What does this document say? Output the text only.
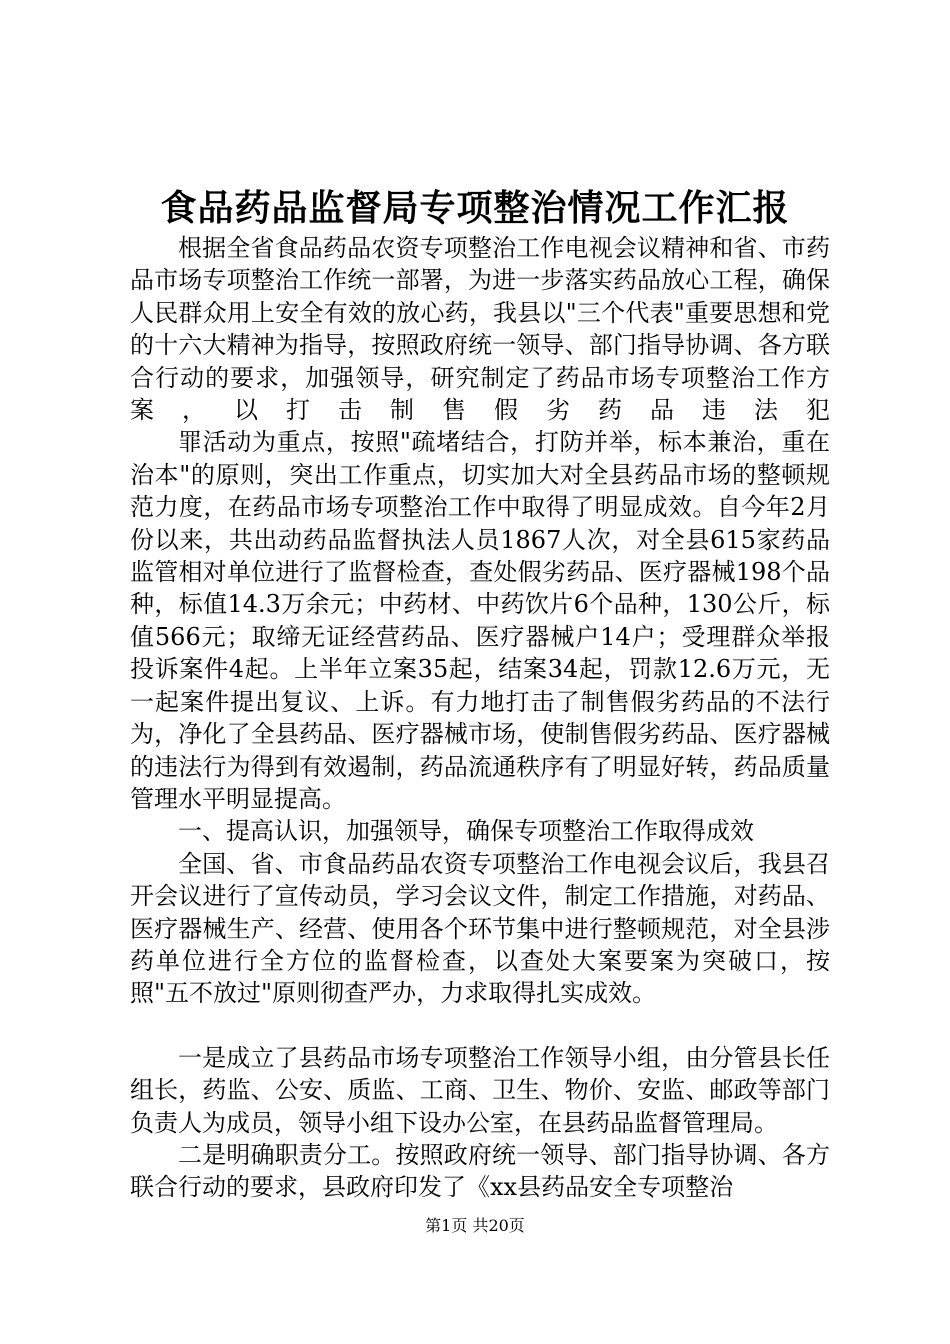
食品药品监督局专项整治情况工作汇报

根据全省食品药品农资专项整治工作电视会议精神和省、市药品市场专项整治工作统一部署，为进一步落实药品放心工程，确保人民群众用上安全有效的放心药，我县以"三个代表"重要思想和党的十六大精神为指导，按照政府统一领导、部门指导协调、各方联合行动的要求，加强领导，研究制定了药品市场专项整治工作方案，以打击制售假劣药品违法犯

罪活动为重点，按照"疏堵结合，打防并举，标本兼治，重在治本"的原则，突出工作重点，切实加大对全县药品市场的整顿规范力度，在药品市场专项整治工作中取得了明显成效。自今年2月份以来，共出动药品监督执法人员1867人次，对全县615家药品监管相对单位进行了监督检查，查处假劣药品、医疗器械198个品种，标值14.3万余元；中药材、中药饮片6个品种，130公斤，标值566元；取缔无证经营药品、医疗器械户14户；受理群众举报投诉案件4起。上半年立案35起，结案34起，罚款12.6万元，无一起案件提出复议、上诉。有力地打击了制售假劣药品的不法行为，净化了全县药品、医疗器械市场，使制售假劣药品、医疗器械的违法行为得到有效遏制，药品流通秩序有了明显好转，药品质量管理水平明显提高。

一、提高认识，加强领导，确保专项整治工作取得成效

全国、省、市食品药品农资专项整治工作电视会议后，我县召开会议进行了宣传动员，学习会议文件，制定工作措施，对药品、医疗器械生产、经营、使用各个环节集中进行整顿规范，对全县涉药单位进行全方位的监督检查，以查处大案要案为突破口，按照"五不放过"原则彻查严办，力求取得扎实成效。

一是成立了县药品市场专项整治工作领导小组，由分管县长任组长，药监、公安、质监、工商、卫生、物价、安监、邮政等部门负责人为成员，领导小组下设办公室，在县药品监督管理局。

二是明确职责分工。按照政府统一领导、部门指导协调、各方联合行动的要求，县政府印发了《xx县药品安全专项整治

第1页 共20页
